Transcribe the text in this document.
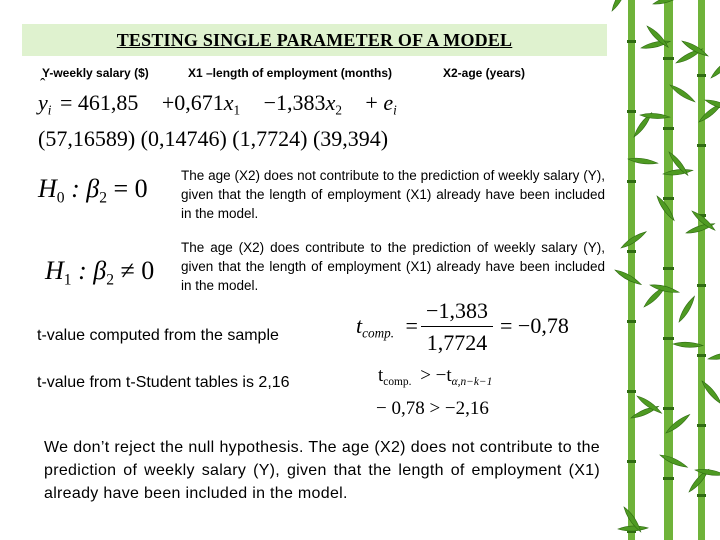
TESTING SINGLE PARAMETER OF A MODEL
Y-weekly salary ($)	X1 –length of employment (months)	X2-age (years)
y
ˆ
$_i = 461,85 +0,671x_1 -1,383x_2 + e_i$
(57,16589) (0,14746) (1,7724) (39,394)
$H_0$ : $\beta_2 = 0$ The age (X2) does not contribute to the prediction of weekly salary (Y), given that the length of employment (X1) already have been included in the model.
$H_1$ : $\beta_2 \ne 0$
The age (X2) does contribute to the prediction of weekly salary (Y), given that the length of employment (X1) already have been included in the model.
t-value computed from the sample	$t_{comp.} = \frac{-1,383}{1,7724} = -0,78$
t-value from t-Student tables is 2,16	$t_{comp.} > -t_{\alpha,n-k-1}$
− 0,78 > −2,16
We don’t reject the null hypothesis. The age (X2) does not contribute to the prediction of weekly salary (Y), given that the length of employment (X1) already have been included in the model.
